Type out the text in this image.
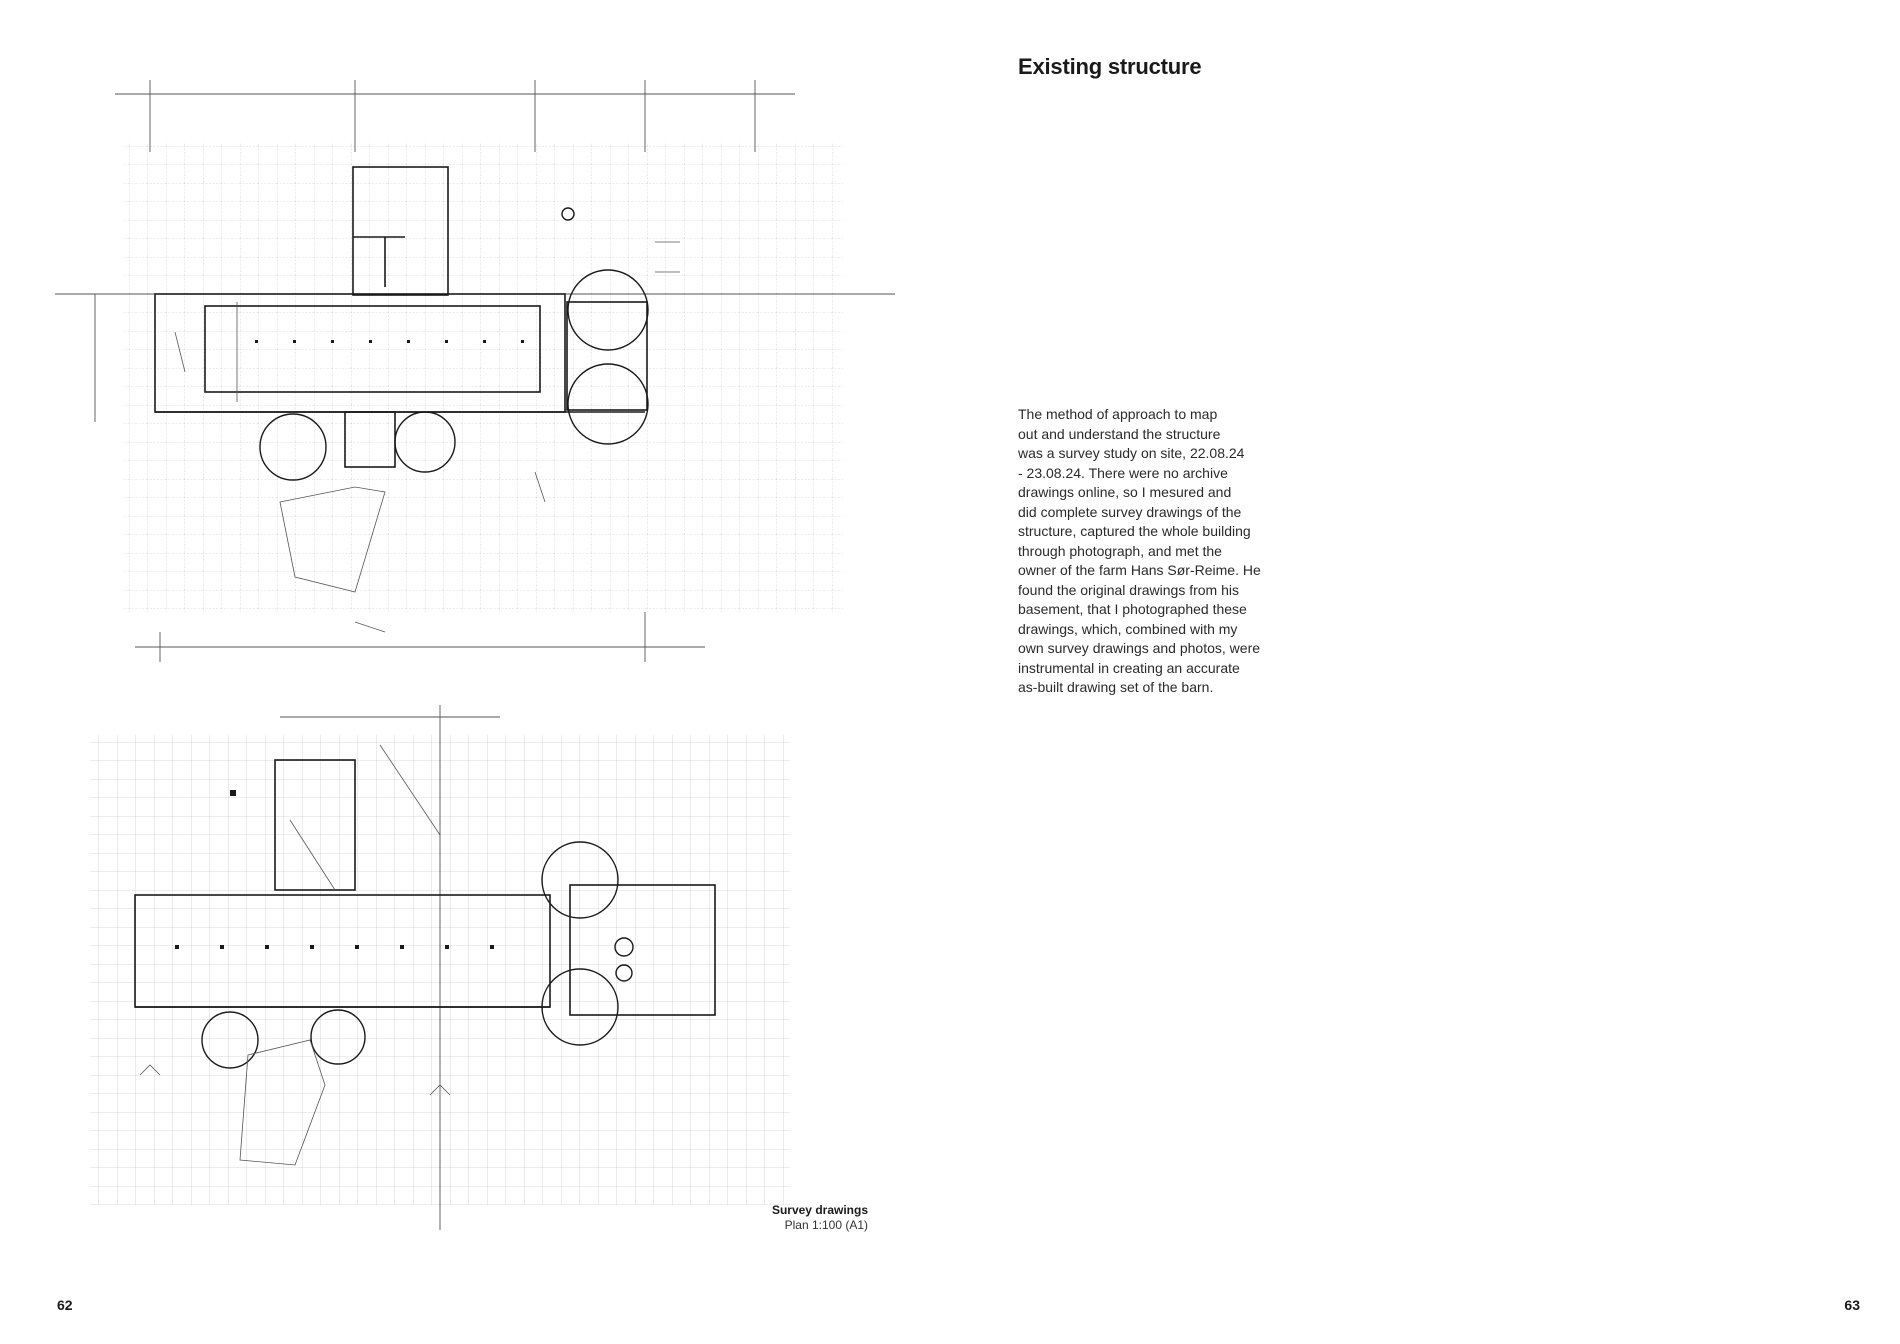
Survey drawings
Plan 1:100 (A1)
62
Existing structure

The method of approach to map
out and understand the structure
was a survey study on site, 22.08.24
- 23.08.24. There were no archive
drawings online, so I mesured and
did complete survey drawings of the
structure, captured the whole building
through photograph, and met the
owner of the farm Hans Sør-Reime. He
found the original drawings from his
basement, that I photographed these
drawings, which, combined with my
own survey drawings and photos, were
instrumental in creating an accurate
as-built drawing set of the barn.

63
